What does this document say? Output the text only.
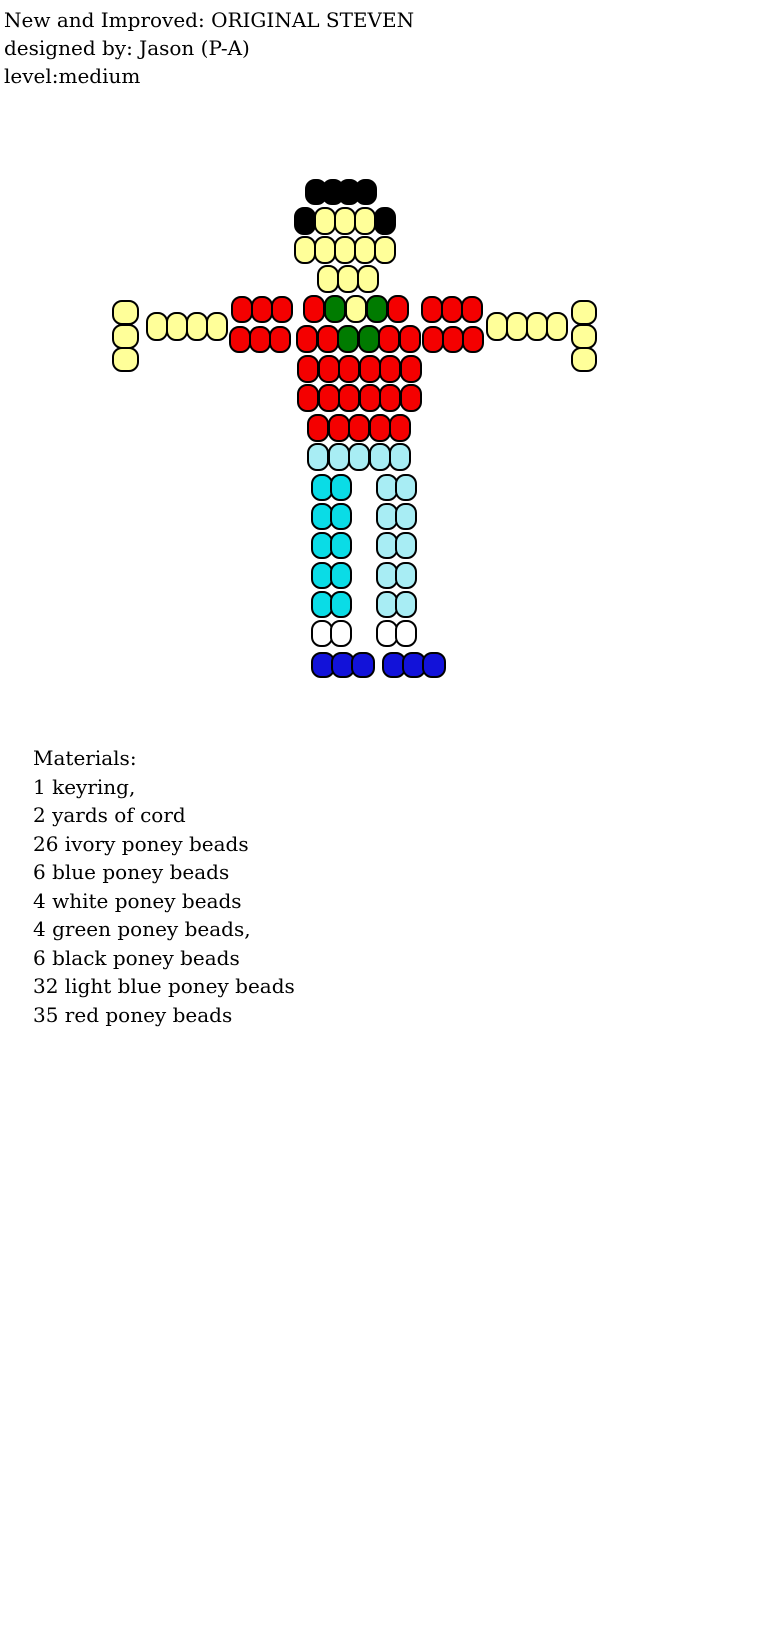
New and Improved: ORIGINAL STEVEN
designed by: Jason (P-A)
level:medium
Materials:
1 keyring,
2 yards of cord
26 ivory poney beads
6 blue poney beads
4 white poney beads
4 green poney beads,
6 black poney beads
32 light blue poney beads
35 red poney beads
